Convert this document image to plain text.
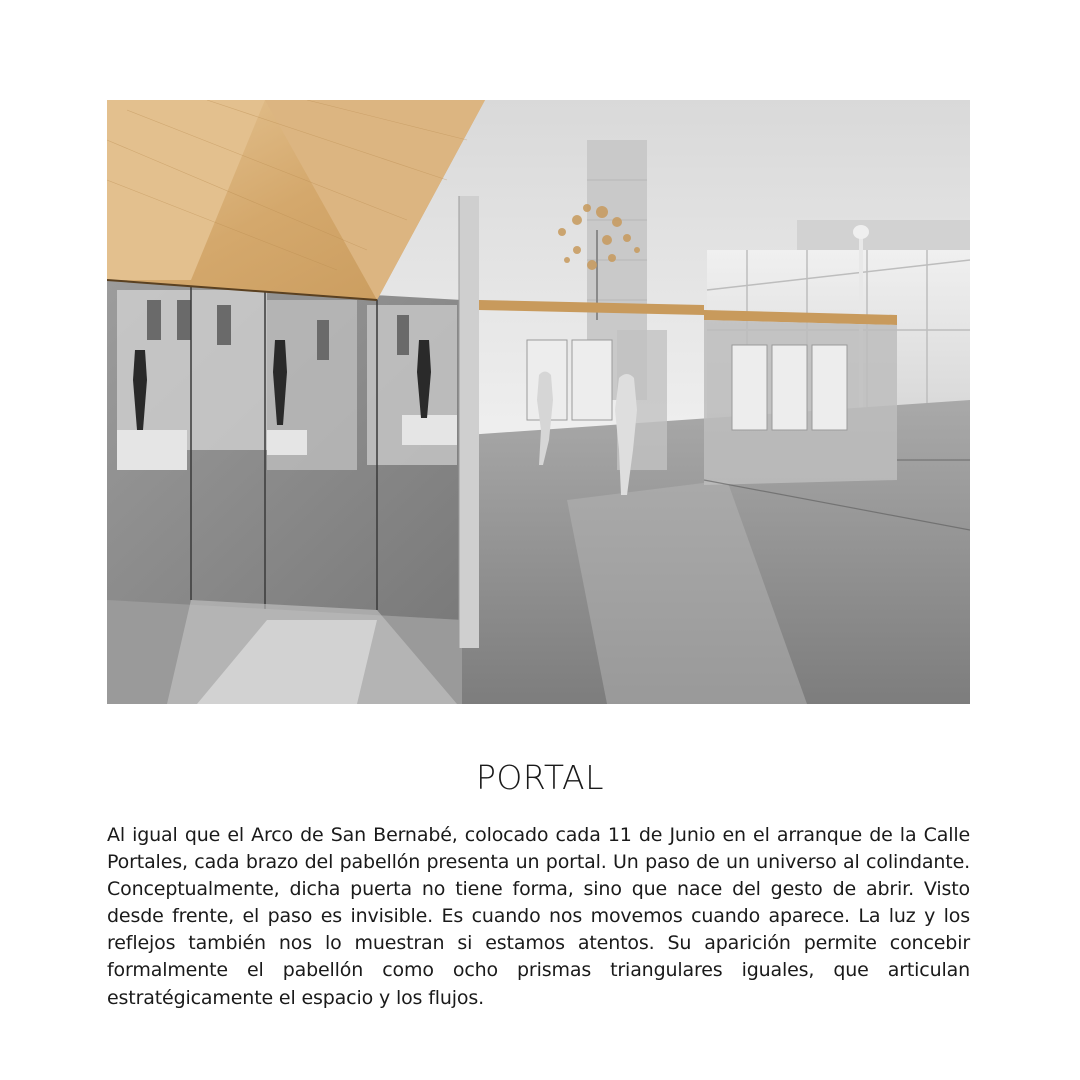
PORTAL
Al igual que el Arco de San Bernabé, colocado cada 11 de Junio en el arranque de la Calle Portales, cada brazo del pabellón presenta un portal. Un paso de un universo al colindante. Conceptualmente, dicha puerta no tiene forma, sino que nace del gesto de abrir. Visto desde frente, el paso es invisible. Es cuando nos movemos cuando aparece. La luz y los reflejos también nos lo muestran si estamos atentos. Su aparición permite concebir formalmente el pabellón como ocho prismas triangulares iguales, que articulan estratégicamente el espacio y los flujos.
